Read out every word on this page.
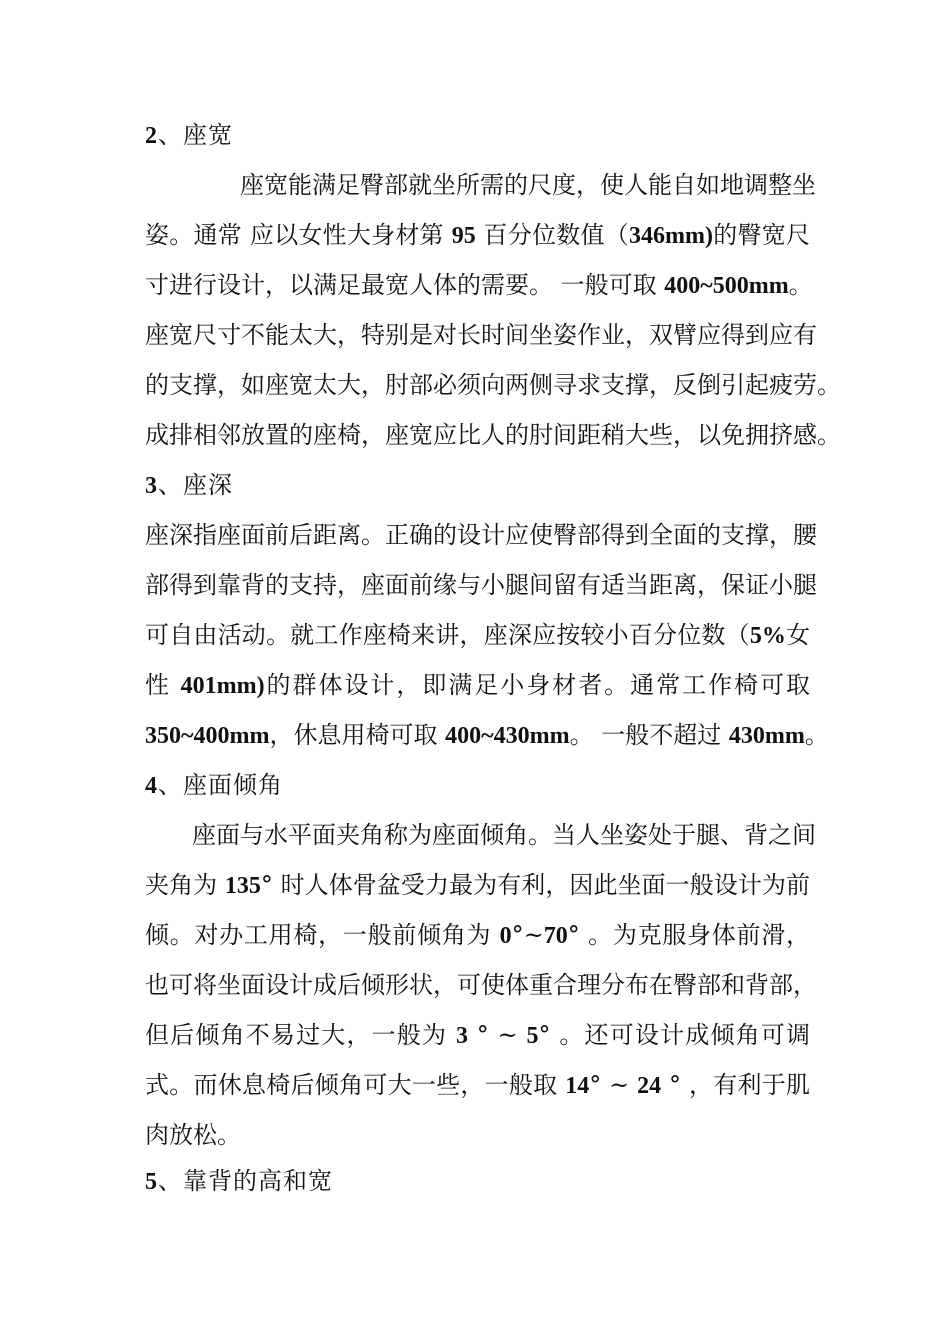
2、座宽
座宽能满足臀部就坐所需的尺度，使人能自如地调整坐
姿。通常 应以女性大身材第 95 百分位数值（346mm)的臀宽尺
寸进行设计，以满足最宽人体的需要。 一般可取 400~500mm。
座宽尺寸不能太大，特别是对长时间坐姿作业，双臂应得到应有
的支撑，如座宽太大，肘部必须向两侧寻求支撑，反倒引起疲劳。
成排相邻放置的座椅，座宽应比人的肘间距稍大些，以免拥挤感。
3、座深
座深指座面前后距离。正确的设计应使臀部得到全面的支撑，腰
部得到靠背的支持，座面前缘与小腿间留有适当距离，保证小腿
可自由活动。就工作座椅来讲，座深应按较小百分位数（5%女
性 401mm)的群体设计，即满足小身材者。通常工作椅可取
350~400mm，休息用椅可取 400~430mm。 一般不超过 430mm。
4、座面倾角
座面与水平面夹角称为座面倾角。当人坐姿处于腿、背之间
夹角为 135° 时人体骨盆受力最为有利，因此坐面一般设计为前
倾。对办工用椅，一般前倾角为 0°~70° 。为克服身体前滑，
也可将坐面设计成后倾形状，可使体重合理分布在臀部和背部，
但后倾角不易过大，一般为 3 ° ~ 5° 。还可设计成倾角可调
式。而休息椅后倾角可大一些，一般取 14° ~ 24 ° ，有利于肌
肉放松。
5、靠背的高和宽
